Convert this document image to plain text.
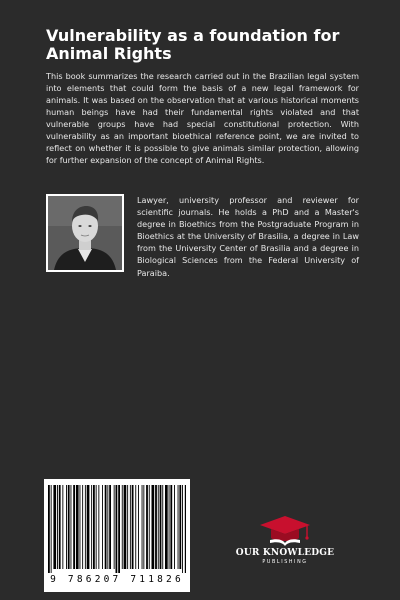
Vulnerability as a foundation for Animal Rights

This book summarizes the research carried out in the Brazilian legal system into elements that could form the basis of a new legal framework for animals. It was based on the observation that at various historical moments human beings have had their fundamental rights violated and that vulnerable groups have had special constitutional protection. With vulnerability as an important bioethical reference point, we are invited to reflect on whether it is possible to give animals similar protection, allowing for further expansion of the concept of Animal Rights.

Lawyer, university professor and reviewer for scientific journals. He holds a PhD and a Master's degree in Bioethics from the Postgraduate Program in Bioethics at the University of Brasilia, a degree in Law from the University Center of Brasilia and a degree in Biological Sciences from the Federal University of Paraiba.

9 786207 711826
OUR KNOWLEDGE
PUBLISHING
